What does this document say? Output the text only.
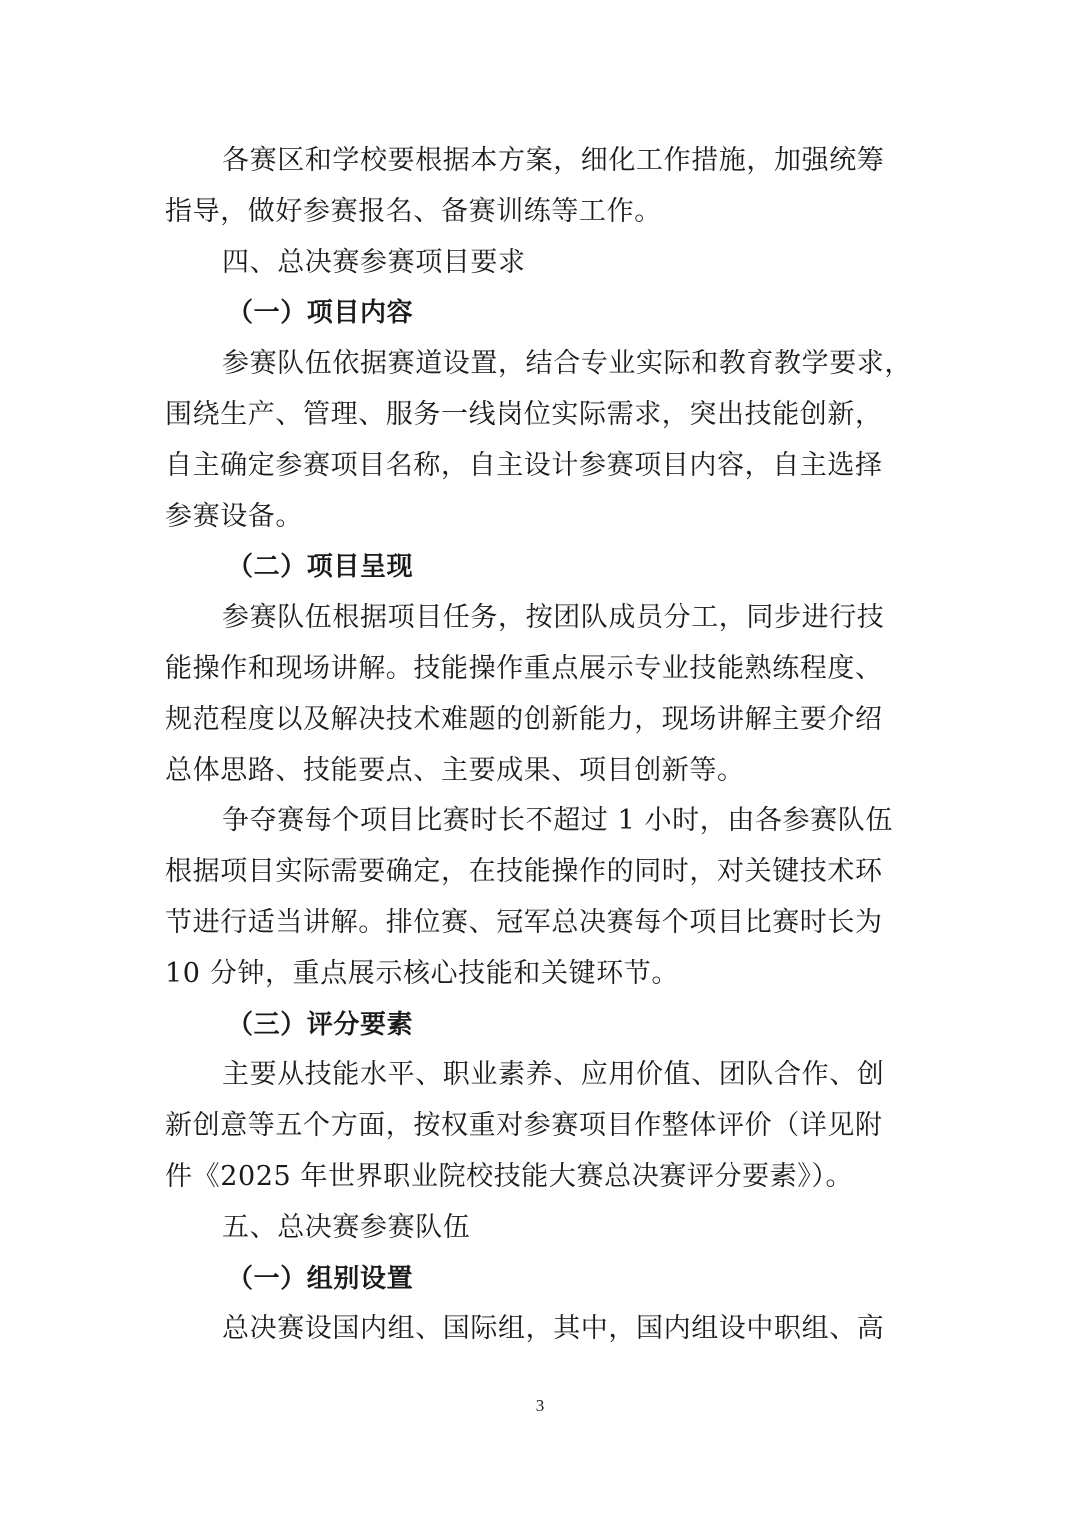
各赛区和学校要根据本方案，细化工作措施，加强统筹
指导，做好参赛报名、备赛训练等工作。
四、总决赛参赛项目要求
（一）项目内容
参赛队伍依据赛道设置，结合专业实际和教育教学要求，
围绕生产、管理、服务一线岗位实际需求，突出技能创新，
自主确定参赛项目名称，自主设计参赛项目内容，自主选择
参赛设备。
（二）项目呈现
参赛队伍根据项目任务，按团队成员分工，同步进行技
能操作和现场讲解。技能操作重点展示专业技能熟练程度、
规范程度以及解决技术难题的创新能力，现场讲解主要介绍
总体思路、技能要点、主要成果、项目创新等。
争夺赛每个项目比赛时长不超过 1 小时，由各参赛队伍
根据项目实际需要确定，在技能操作的同时，对关键技术环
节进行适当讲解。排位赛、冠军总决赛每个项目比赛时长为
10 分钟，重点展示核心技能和关键环节。
（三）评分要素
主要从技能水平、职业素养、应用价值、团队合作、创
新创意等五个方面，按权重对参赛项目作整体评价（详见附
件《2025 年世界职业院校技能大赛总决赛评分要素》）。
五、总决赛参赛队伍
（一）组别设置
总决赛设国内组、国际组，其中，国内组设中职组、高
3
